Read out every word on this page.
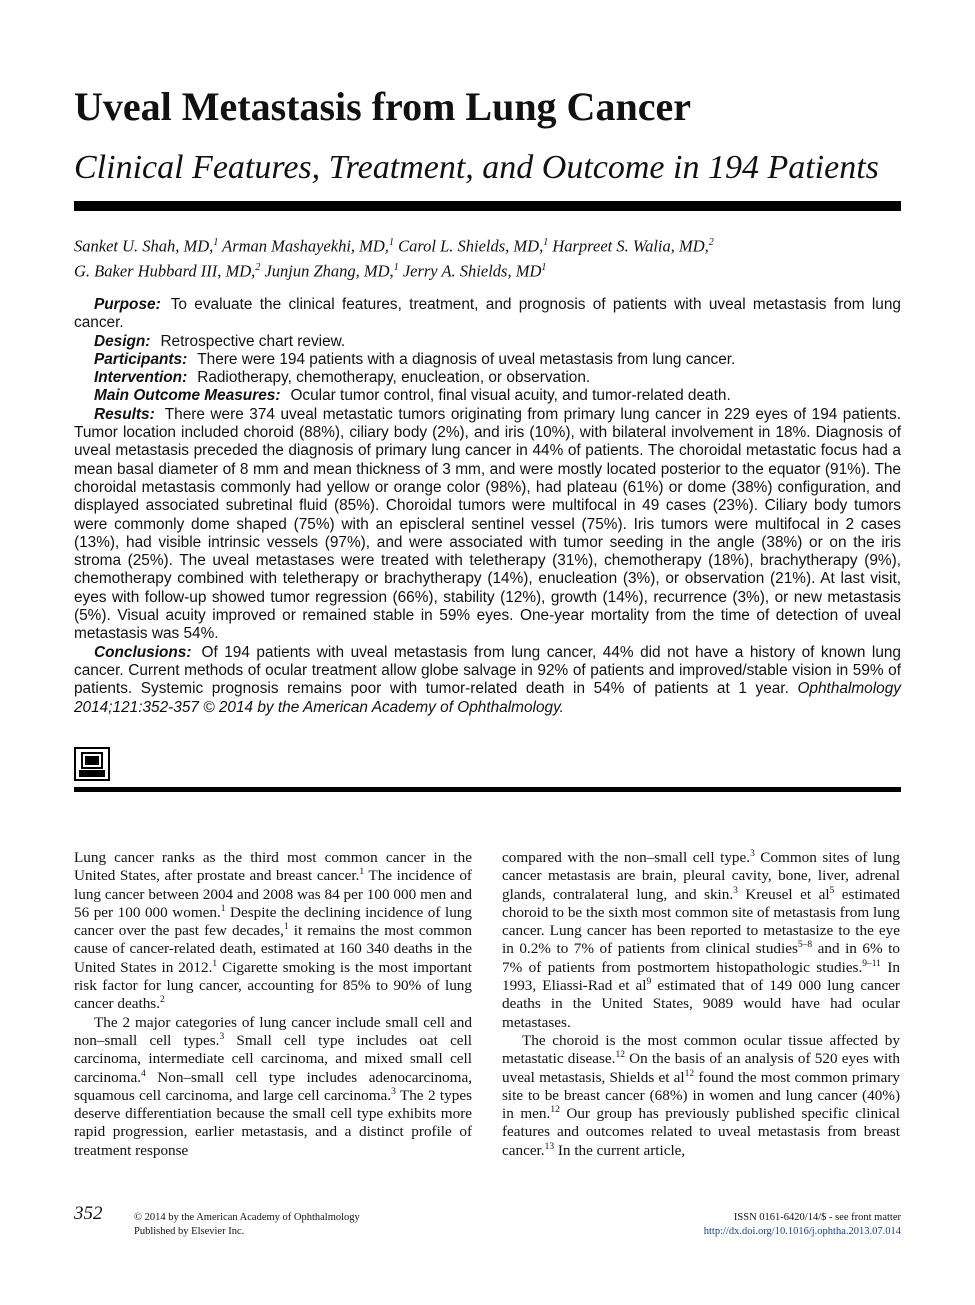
Uveal Metastasis from Lung Cancer
Clinical Features, Treatment, and Outcome in 194 Patients
Sanket U. Shah, MD,$^1$ Arman Mashayekhi, MD,$^1$ Carol L. Shields, MD,$^1$ Harpreet S. Walia, MD,$^2$
G. Baker Hubbard III, MD,$^2$ Junjun Zhang, MD,$^1$ Jerry A. Shields, $MD^1$

Purpose: To evaluate the clinical features, treatment, and prognosis of patients with uveal metastasis from lung cancer.

Design: Retrospective chart review.

Participants: There were 194 patients with a diagnosis of uveal metastasis from lung cancer.

Intervention: Radiotherapy, chemotherapy, enucleation, or observation.

Main Outcome Measures: Ocular tumor control, final visual acuity, and tumor-related death.

Results: There were 374 uveal metastatic tumors originating from primary lung cancer in 229 eyes of 194 patients. Tumor location included choroid (88%), ciliary body (2%), and iris (10%), with bilateral involvement in 18%. Diagnosis of uveal metastasis preceded the diagnosis of primary lung cancer in 44% of patients. The choroidal metastatic focus had a mean basal diameter of 8 mm and mean thickness of 3 mm, and were mostly located posterior to the equator (91%). The choroidal metastasis commonly had yellow or orange color (98%), had plateau (61%) or dome (38%) configuration, and displayed associated subretinal fluid (85%). Choroidal tumors were multifocal in 49 cases (23%). Ciliary body tumors were commonly dome shaped (75%) with an episcleral sentinel vessel (75%). Iris tumors were multifocal in 2 cases (13%), had visible intrinsic vessels (97%), and were associated with tumor seeding in the angle (38%) or on the iris stroma (25%). The uveal metastases were treated with teletherapy (31%), chemotherapy (18%), brachytherapy (9%), chemotherapy combined with teletherapy or brachytherapy (14%), enucleation (3%), or observation (21%). At last visit, eyes with follow-up showed tumor regression (66%), stability (12%), growth (14%), recurrence (3%), or new metastasis (5%). Visual acuity improved or remained stable in 59% eyes. One-year mortality from the time of detection of uveal metastasis was 54%.

Conclusions: Of 194 patients with uveal metastasis from lung cancer, 44% did not have a history of known lung cancer. Current methods of ocular treatment allow globe salvage in 92% of patients and improved/stable vision in 59% of patients. Systemic prognosis remains poor with tumor-related death in 54% of patients at 1 year. Ophthalmology 2014;121:352-357 © 2014 by the American Academy of Ophthalmology.

Lung cancer ranks as the third most common cancer in the United States, after prostate and breast cancer.$^1$ The incidence of lung cancer between 2004 and 2008 was 84 per 100 000 men and 56 per 100 000 women.$^1$ Despite the declining incidence of lung cancer over the past few decades,$^1$ it remains the most common cause of cancer-related death, estimated at 160 340 deaths in the United States in 2012.$^1$ Cigarette smoking is the most important risk factor for lung cancer, accounting for 85% to 90% of lung cancer deaths.$^2$

The 2 major categories of lung cancer include small cell and non–small cell types.$^3$ Small cell type includes oat cell carcinoma, intermediate cell carcinoma, and mixed small cell carcinoma.$^4$ Non–small cell type includes adenocarcinoma, squamous cell carcinoma, and large cell carcinoma.$^3$ The 2 types deserve differentiation because the small cell type exhibits more rapid progression, earlier metastasis, and a distinct profile of treatment response

compared with the non–small cell type.$^3$ Common sites of lung cancer metastasis are brain, pleural cavity, bone, liver, adrenal glands, contralateral lung, and skin.$^3$ Kreusel et $al^5$ estimated choroid to be the sixth most common site of metastasis from lung cancer. Lung cancer has been reported to metastasize to the eye in 0.2% to 7% of patients from clinical studies$^{5-8}$ and in 6% to 7% of patients from postmortem histopathologic studies.$^{9-11}$ In 1993, Eliassi-Rad et $al^9$ estimated that of 149 000 lung cancer deaths in the United States, 9089 would have had ocular metastases.

The choroid is the most common ocular tissue affected by metastatic disease.$^{12}$ On the basis of an analysis of 520 eyes with uveal metastasis, Shields et $al^{12}$ found the most common primary site to be breast cancer (68%) in women and lung cancer (40%) in men.$^{12}$ Our group has previously published specific clinical features and outcomes related to uveal metastasis from breast cancer.$^{13}$ In the current article,

352	© 2014 by the American Academy of Ophthalmology
Published by Elsevier Inc.
ISSN 0161-6420/14/$ - see front matter
http://dx.doi.org/10.1016/j.ophtha.2013.07.014
